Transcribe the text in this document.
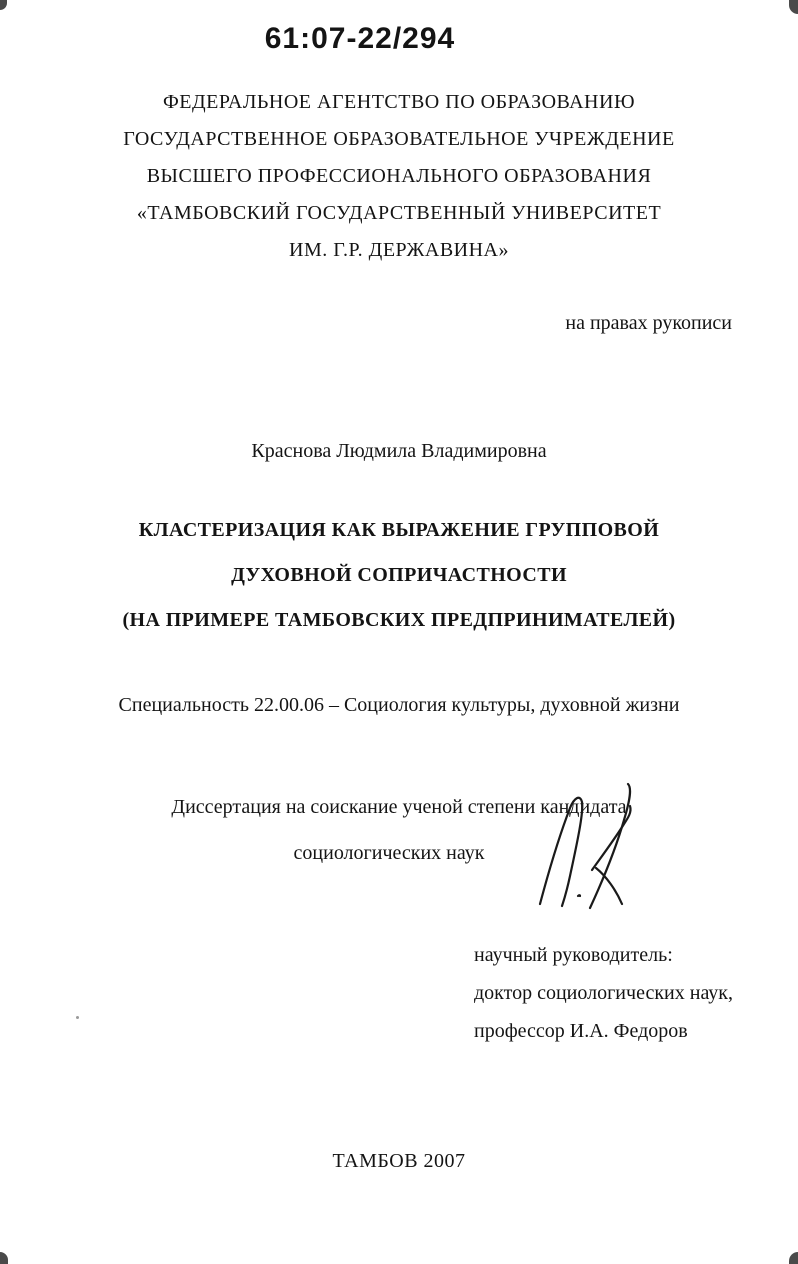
61:07-22/294
ФЕДЕРАЛЬНОЕ АГЕНТСТВО ПО ОБРАЗОВАНИЮ
ГОСУДАРСТВЕННОЕ ОБРАЗОВАТЕЛЬНОЕ УЧРЕЖДЕНИЕ
ВЫСШЕГО ПРОФЕССИОНАЛЬНОГО ОБРАЗОВАНИЯ
«ТАМБОВСКИЙ ГОСУДАРСТВЕННЫЙ УНИВЕРСИТЕТ
ИМ. Г.Р. ДЕРЖАВИНА»
на правах рукописи
Краснова Людмила Владимировна
КЛАСТЕРИЗАЦИЯ КАК ВЫРАЖЕНИЕ ГРУППОВОЙ
ДУХОВНОЙ СОПРИЧАСТНОСТИ
(НА ПРИМЕРЕ ТАМБОВСКИХ ПРЕДПРИНИМАТЕЛЕЙ)
Специальность 22.00.06 – Социология культуры, духовной жизни
Диссертация на соискание ученой степени кандидата
социологических наук
научный руководитель:
доктор социологических наук,
профессор И.А. Федоров
ТАМБОВ 2007
